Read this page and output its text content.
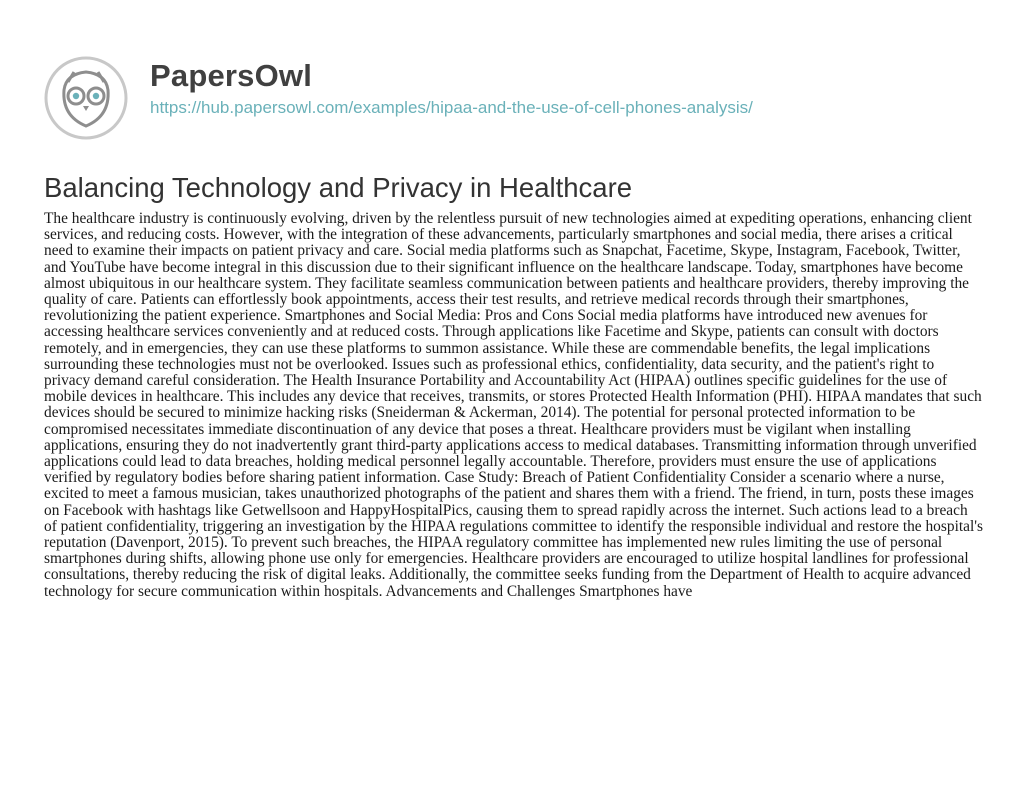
PapersOwl
https://hub.papersowl.com/examples/hipaa-and-the-use-of-cell-phones-analysis/
Balancing Technology and Privacy in Healthcare

The healthcare industry is continuously evolving, driven by the relentless pursuit of new technologies aimed at expediting operations, enhancing client services, and reducing costs. However, with the integration of these advancements, particularly smartphones and social media, there arises a critical need to examine their impacts on patient privacy and care. Social media platforms such as Snapchat, Facetime, Skype, Instagram, Facebook, Twitter, and YouTube have become integral in this discussion due to their significant influence on the healthcare landscape. Today, smartphones have become almost ubiquitous in our healthcare system. They facilitate seamless communication between patients and healthcare providers, thereby improving the quality of care. Patients can effortlessly book appointments, access their test results, and retrieve medical records through their smartphones, revolutionizing the patient experience. Smartphones and Social Media: Pros and Cons Social media platforms have introduced new avenues for accessing healthcare services conveniently and at reduced costs. Through applications like Facetime and Skype, patients can consult with doctors remotely, and in emergencies, they can use these platforms to summon assistance. While these are commendable benefits, the legal implications surrounding these technologies must not be overlooked. Issues such as professional ethics, confidentiality, data security, and the patient's right to privacy demand careful consideration. The Health Insurance Portability and Accountability Act (HIPAA) outlines specific guidelines for the use of mobile devices in healthcare. This includes any device that receives, transmits, or stores Protected Health Information (PHI). HIPAA mandates that such devices should be secured to minimize hacking risks (Sneiderman & Ackerman, 2014). The potential for personal protected information to be compromised necessitates immediate discontinuation of any device that poses a threat. Healthcare providers must be vigilant when installing applications, ensuring they do not inadvertently grant third-party applications access to medical databases. Transmitting information through unverified applications could lead to data breaches, holding medical personnel legally accountable. Therefore, providers must ensure the use of applications verified by regulatory bodies before sharing patient information. Case Study: Breach of Patient Confidentiality Consider a scenario where a nurse, excited to meet a famous musician, takes unauthorized photographs of the patient and shares them with a friend. The friend, in turn, posts these images on Facebook with hashtags like Getwellsoon and HappyHospitalPics, causing them to spread rapidly across the internet. Such actions lead to a breach of patient confidentiality, triggering an investigation by the HIPAA regulations committee to identify the responsible individual and restore the hospital's reputation (Davenport, 2015). To prevent such breaches, the HIPAA regulatory committee has implemented new rules limiting the use of personal smartphones during shifts, allowing phone use only for emergencies. Healthcare providers are encouraged to utilize hospital landlines for professional consultations, thereby reducing the risk of digital leaks. Additionally, the committee seeks funding from the Department of Health to acquire advanced technology for secure communication within hospitals. Advancements and Challenges Smartphones have
